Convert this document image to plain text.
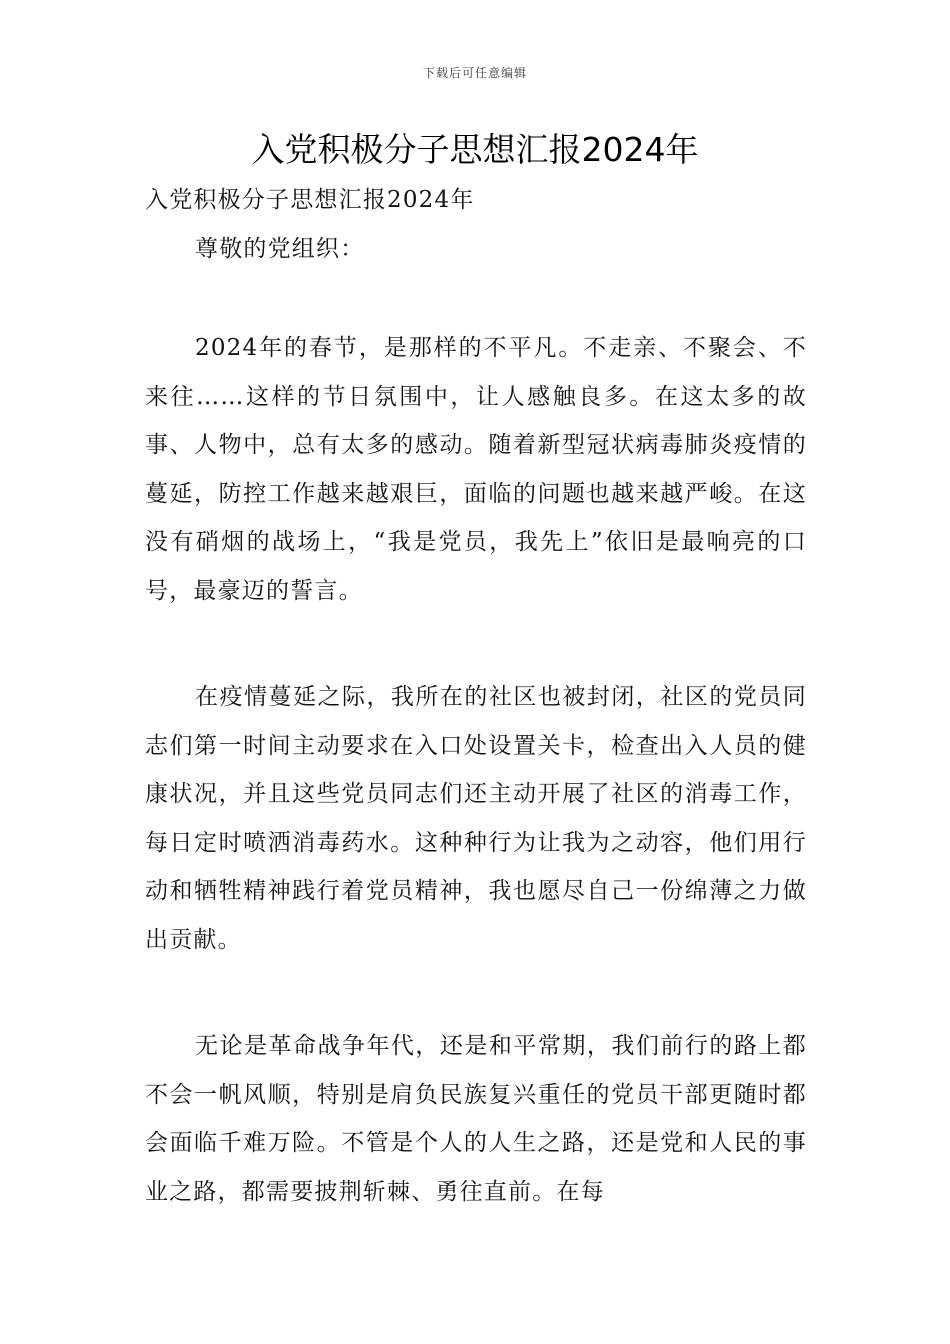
下载后可任意编辑
入党积极分子思想汇报2024年

入党积极分子思想汇报2024年

尊敬的党组织：

2024年的春节，是那样的不平凡。不走亲、不聚会、不来往……这样的节日氛围中，让人感触良多。在这太多的故事、人物中，总有太多的感动。随着新型冠状病毒肺炎疫情的蔓延，防控工作越来越艰巨，面临的问题也越来越严峻。在这没有硝烟的战场上，“我是党员，我先上”依旧是最响亮的口号，最豪迈的誓言。

在疫情蔓延之际，我所在的社区也被封闭，社区的党员同志们第一时间主动要求在入口处设置关卡，检查出入人员的健康状况，并且这些党员同志们还主动开展了社区的消毒工作，每日定时喷洒消毒药水。这种种行为让我为之动容，他们用行动和牺牲精神践行着党员精神，我也愿尽自己一份绵薄之力做出贡献。

无论是革命战争年代，还是和平常期，我们前行的路上都不会一帆风顺，特别是肩负民族复兴重任的党员干部更随时都会面临千难万险。不管是个人的人生之路，还是党和人民的事业之路，都需要披荆斩棘、勇往直前。在每
